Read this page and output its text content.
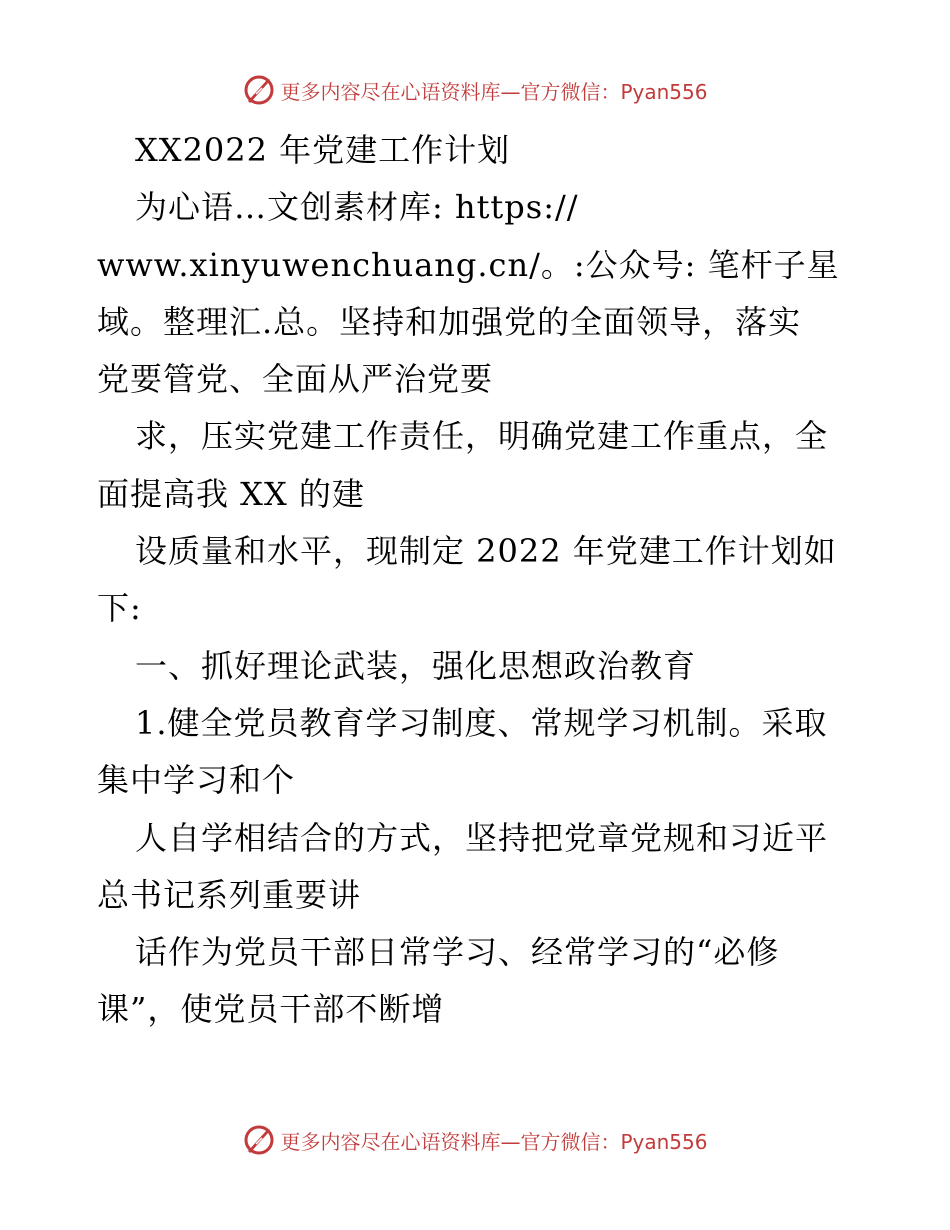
更多内容尽在心语资料库—官方微信：Pyan556
XX2022 年党建工作计划
为心语…文创素材库: https://
www.xinyuwenchuang.cn/。:公众号: 笔杆子星
域。整理汇.总。坚持和加强党的全面领导，落实
党要管党、全面从严治党要
求，压实党建工作责任，明确党建工作重点，全
面提高我 XX 的建
设质量和水平，现制定 2022 年党建工作计划如
下:
一、抓好理论武装，强化思想政治教育
1.健全党员教育学习制度、常规学习机制。采取
集中学习和个
人自学相结合的方式，坚持把党章党规和习近平
总书记系列重要讲
话作为党员干部日常学习、经常学习的“必修
课”，使党员干部不断增
更多内容尽在心语资料库—官方微信：Pyan556
